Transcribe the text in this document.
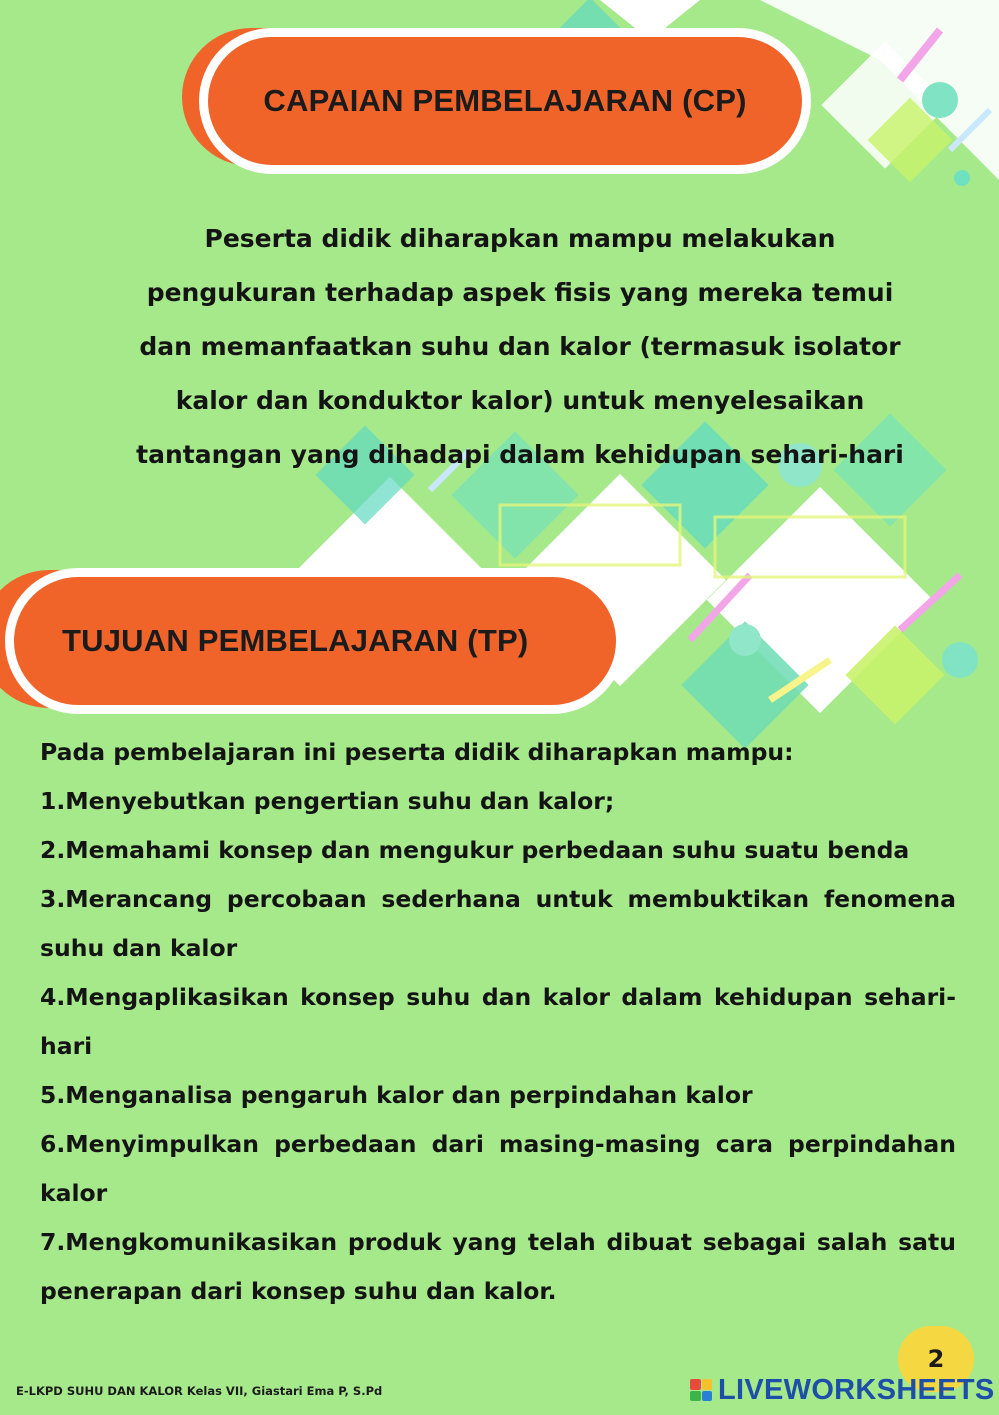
CAPAIAN PEMBELAJARAN (CP)
Peserta didik diharapkan mampu melakukan
pengukuran terhadap aspek fisis yang mereka temui
dan memanfaatkan suhu dan kalor (termasuk isolator
kalor dan konduktor kalor) untuk menyelesaikan
tantangan yang dihadapi dalam kehidupan sehari-hari
TUJUAN PEMBELAJARAN (TP)

Pada pembelajaran ini peserta didik diharapkan mampu:

1.Menyebutkan pengertian suhu dan kalor;

2.Memahami konsep dan mengukur perbedaan suhu suatu benda

3.Merancang percobaan sederhana untuk membuktikan fenomena suhu dan kalor

4.Mengaplikasikan konsep suhu dan kalor dalam kehidupan sehari-hari

5.Menganalisa pengaruh kalor dan perpindahan kalor

6.Menyimpulkan perbedaan dari masing-masing cara perpindahan kalor

7.Mengkomunikasikan produk yang telah dibuat sebagai salah satu penerapan dari konsep suhu dan kalor.

E-LKPD SUHU DAN KALOR Kelas VII, Giastari Ema P, S.Pd
2
LIVEWORKSHEETS
